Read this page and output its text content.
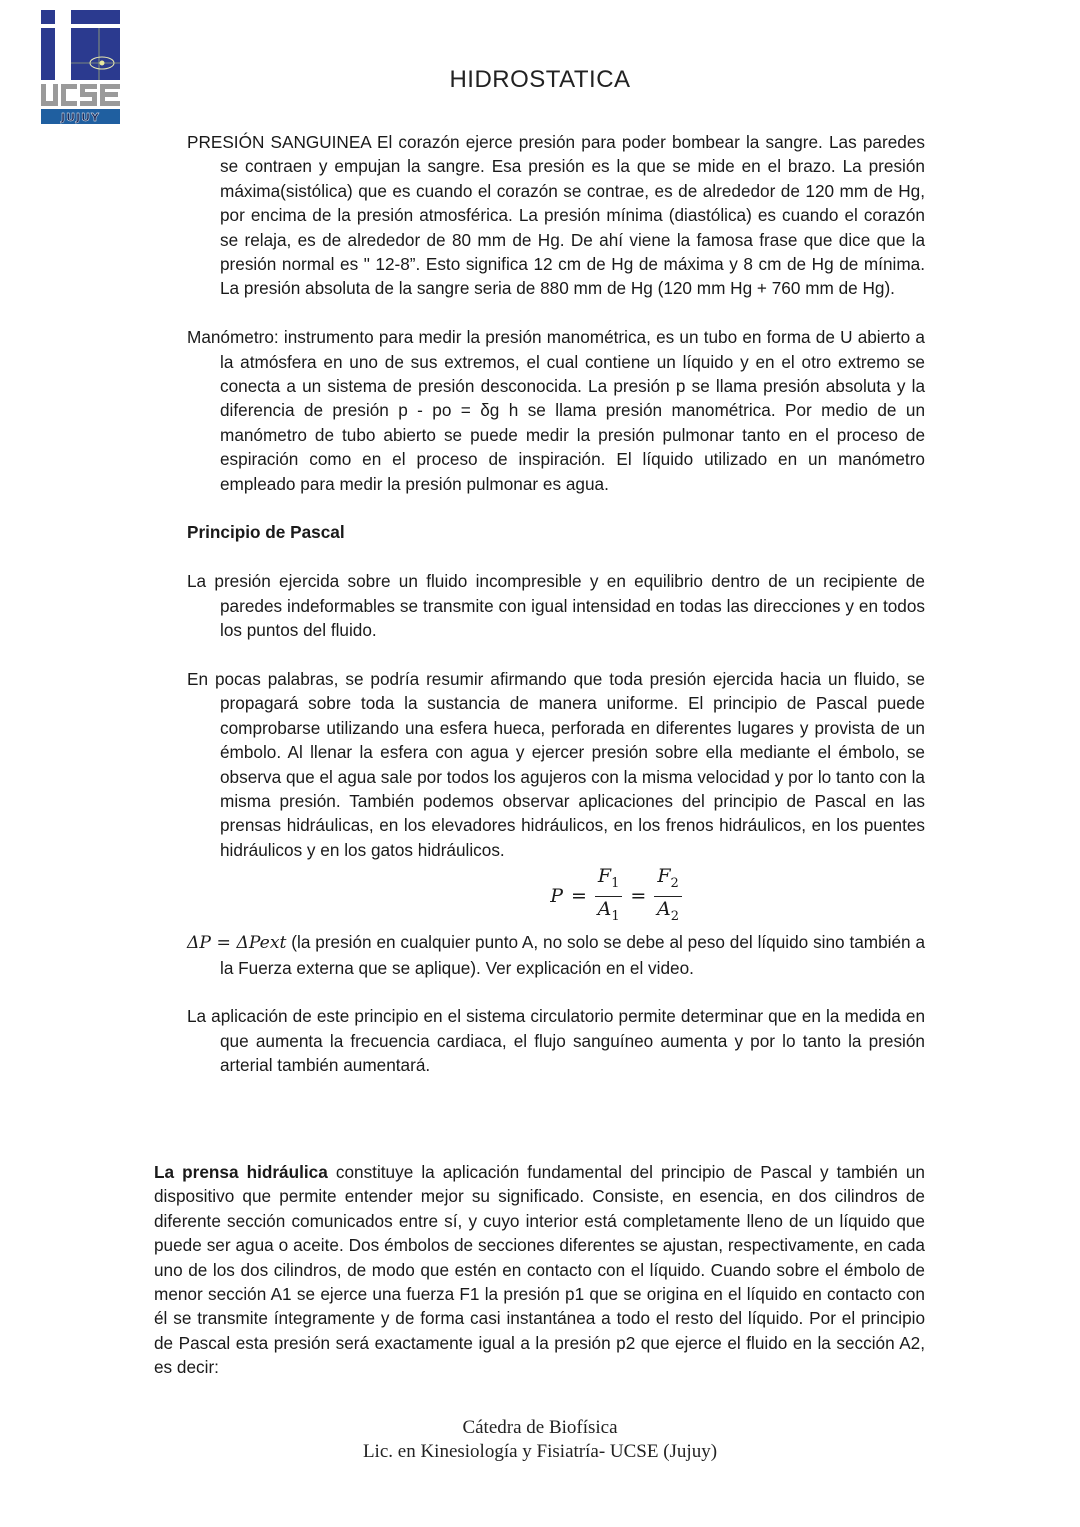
JUJUY
HIDROSTATICA

PRESIÓN SANGUINEA El corazón ejerce presión para poder bombear la sangre. Las paredes se contraen y empujan la sangre. Esa presión es la que se mide en el brazo. La presión máxima(sistólica) que es cuando el corazón se contrae, es de alrededor de 120 mm de Hg, por encima de la presión atmosférica. La presión mínima (diastólica) es cuando el corazón se relaja, es de alrededor de 80 mm de Hg. De ahí viene la famosa frase que dice que la presión normal es " 12-8”. Esto significa 12 cm de Hg de máxima y 8 cm de Hg de mínima. La presión absoluta de la sangre seria de 880 mm de Hg (120 mm Hg + 760 mm de Hg).

Manómetro: instrumento para medir la presión manométrica, es un tubo en forma de U abierto a la atmósfera en uno de sus extremos, el cual contiene un líquido y en el otro extremo se conecta a un sistema de presión desconocida. La presión p se llama presión absoluta y la diferencia de presión p - po = δg h se llama presión manométrica. Por medio de un manómetro de tubo abierto se puede medir la presión pulmonar tanto en el proceso de espiración como en el proceso de inspiración. El líquido utilizado en un manómetro empleado para medir la presión pulmonar es agua.

Principio de Pascal

La presión ejercida sobre un fluido incompresible y en equilibrio dentro de un recipiente de paredes indeformables se transmite con igual intensidad en todas las direcciones y en todos los puntos del fluido.

En pocas palabras, se podría resumir afirmando que toda presión ejercida hacia un fluido, se propagará sobre toda la sustancia de manera uniforme. El principio de Pascal puede comprobarse utilizando una esfera hueca, perforada en diferentes lugares y provista de un émbolo. Al llenar la esfera con agua y ejercer presión sobre ella mediante el émbolo, se observa que el agua sale por todos los agujeros con la misma velocidad y por lo tanto con la misma presión. También podemos observar aplicaciones del principio de Pascal en las prensas hidráulicas, en los elevadores hidráulicos, en los frenos hidráulicos, en los puentes hidráulicos y en los gatos hidráulicos.

$P = \frac{F_1}{A_1} = \frac{F_2}{A_2}$

ΔP = ΔPext (la presión en cualquier punto A, no solo se debe al peso del líquido sino también a la Fuerza externa que se aplique). Ver explicación en el video.

La aplicación de este principio en el sistema circulatorio permite determinar que en la medida en que aumenta la frecuencia cardiaca, el flujo sanguíneo aumenta y por lo tanto la presión arterial también aumentará.

La prensa hidráulica constituye la aplicación fundamental del principio de Pascal y también un dispositivo que permite entender mejor su significado. Consiste, en esencia, en dos cilindros de diferente sección comunicados entre sí, y cuyo interior está completamente lleno de un líquido que puede ser agua o aceite. Dos émbolos de secciones diferentes se ajustan, respectivamente, en cada uno de los dos cilindros, de modo que estén en contacto con el líquido. Cuando sobre el émbolo de menor sección A1 se ejerce una fuerza F1 la presión p1 que se origina en el líquido en contacto con él se transmite íntegramente y de forma casi instantánea a todo el resto del líquido. Por el principio de Pascal esta presión será exactamente igual a la presión p2 que ejerce el fluido en la sección A2, es decir:

Cátedra de Biofísica
Lic. en Kinesiología y Fisiatría- UCSE (Jujuy)
